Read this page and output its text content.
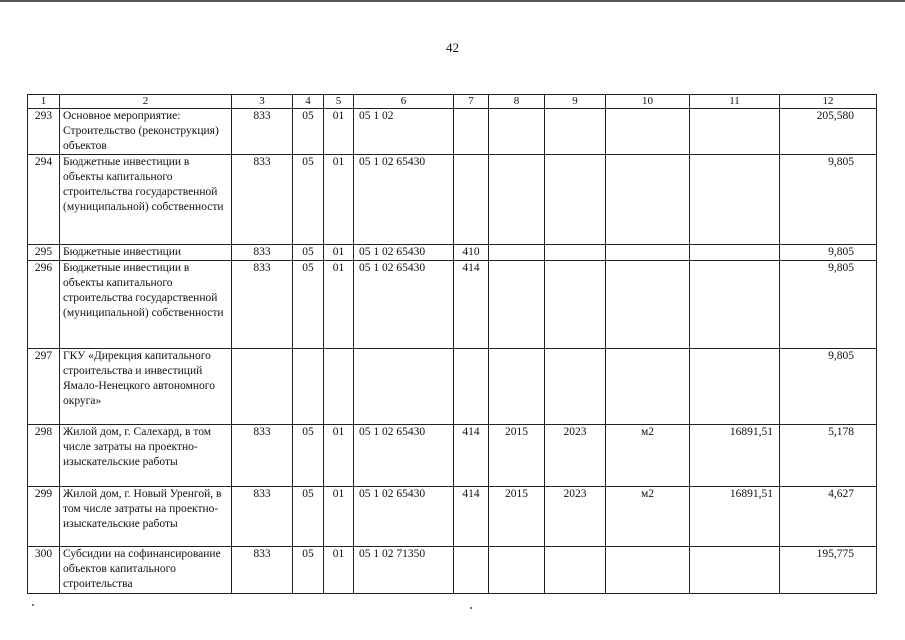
42
1	2	3	4	5	6	7	8	9	10	11	12
293	Основное мероприятие: Строительство (реконструкция) объектов	833	05	01	05 1 02						205,580
294	Бюджетные инвестиции в объекты капитального строительства государственной (муниципальной) собственности	833	05	01	05 1 02 65430						9,805
295	Бюджетные инвестиции	833	05	01	05 1 02 65430	410					9,805
296	Бюджетные инвестиции в объекты капитального строительства государственной (муниципальной) собственности	833	05	01	05 1 02 65430	414					9,805
297	ГКУ «Дирекция капитального строительства и инвестиций Ямало-Ненецкого автономного округа»										9,805
298	Жилой дом, г. Салехард, в том числе затраты на проектно-изыскательские работы	833	05	01	05 1 02 65430	414	2015	2023	м2	16891,51	5,178
299	Жилой дом, г. Новый Уренгой, в том числе затраты на проектно-изыскательские работы	833	05	01	05 1 02 65430	414	2015	2023	м2	16891,51	4,627
300	Субсидии на софинансирование объектов капитального строительства	833	05	01	05 1 02 71350						195,775
